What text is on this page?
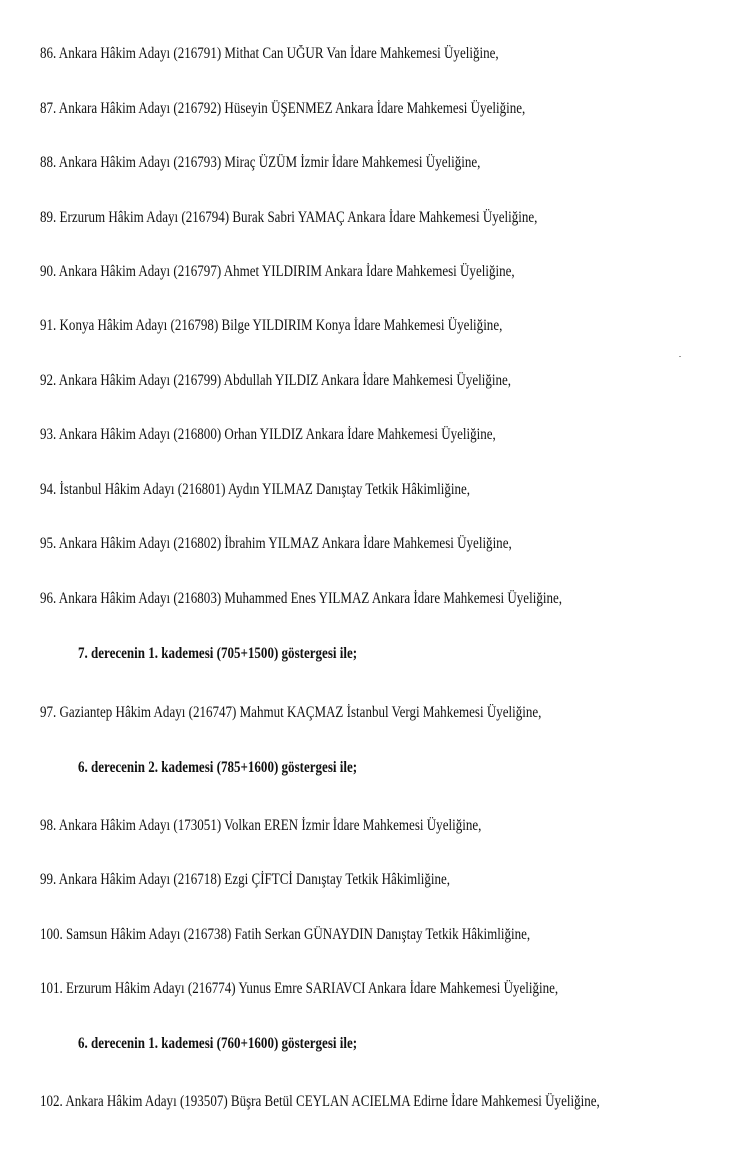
86. Ankara Hâkim Adayı (216791) Mithat Can UĞUR Van İdare Mahkemesi Üyeliğine,
87. Ankara Hâkim Adayı (216792) Hüseyin ÜŞENMEZ Ankara İdare Mahkemesi Üyeliğine,
88. Ankara Hâkim Adayı (216793) Miraç ÜZÜM İzmir İdare Mahkemesi Üyeliğine,
89. Erzurum Hâkim Adayı (216794) Burak Sabri YAMAÇ Ankara İdare Mahkemesi Üyeliğine,
90. Ankara Hâkim Adayı (216797) Ahmet YILDIRIM Ankara İdare Mahkemesi Üyeliğine,
91. Konya Hâkim Adayı (216798) Bilge YILDIRIM Konya İdare Mahkemesi Üyeliğine,
92. Ankara Hâkim Adayı (216799) Abdullah YILDIZ Ankara İdare Mahkemesi Üyeliğine,
93. Ankara Hâkim Adayı (216800) Orhan YILDIZ Ankara İdare Mahkemesi Üyeliğine,
94. İstanbul Hâkim Adayı (216801) Aydın YILMAZ Danıştay Tetkik Hâkimliğine,
95. Ankara Hâkim Adayı (216802) İbrahim YILMAZ Ankara İdare Mahkemesi Üyeliğine,
96. Ankara Hâkim Adayı (216803) Muhammed Enes YILMAZ Ankara İdare Mahkemesi Üyeliğine,
7. derecenin 1. kademesi (705+1500) göstergesi ile;
97. Gaziantep Hâkim Adayı (216747) Mahmut KAÇMAZ İstanbul Vergi Mahkemesi Üyeliğine,
6. derecenin 2. kademesi (785+1600) göstergesi ile;
98. Ankara Hâkim Adayı (173051) Volkan EREN İzmir İdare Mahkemesi Üyeliğine,
99. Ankara Hâkim Adayı (216718) Ezgi ÇİFTCİ Danıştay Tetkik Hâkimliğine,
100. Samsun Hâkim Adayı (216738) Fatih Serkan GÜNAYDIN Danıştay Tetkik Hâkimliğine,
101. Erzurum Hâkim Adayı (216774) Yunus Emre SARIAVCI Ankara İdare Mahkemesi Üyeliğine,
6. derecenin 1. kademesi (760+1600) göstergesi ile;
102. Ankara Hâkim Adayı (193507) Büşra Betül CEYLAN ACIELMA Edirne İdare Mahkemesi Üyeliğine,
